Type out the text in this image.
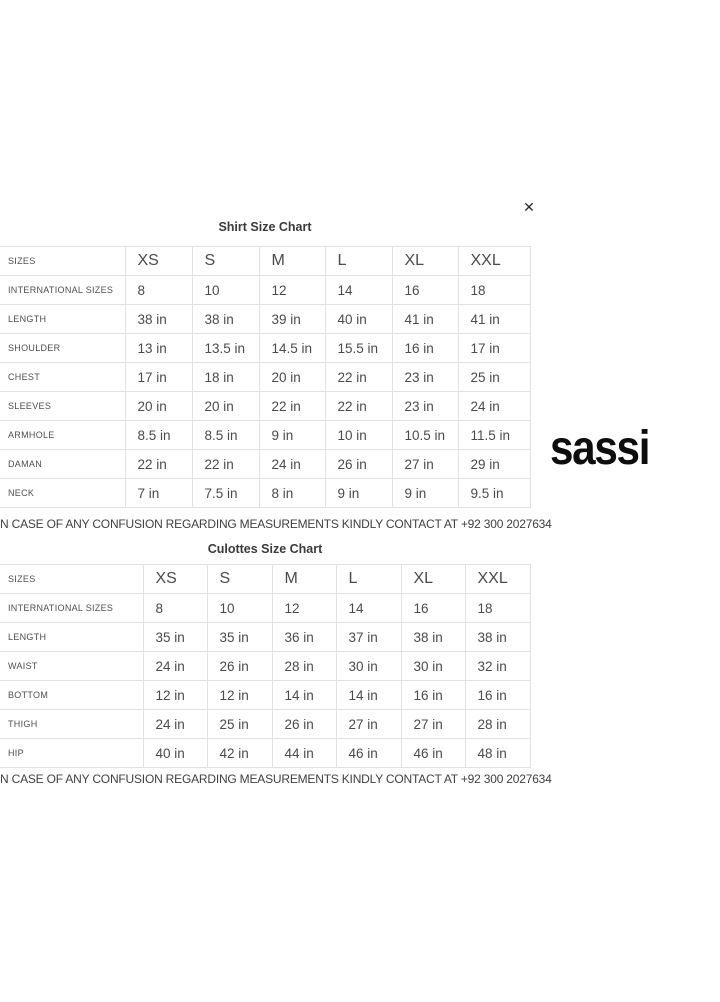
sassi
✕
Shirt Size Chart
SIZES	XS	S	M	L	XL	XXL
INTERNATIONAL SIZES	8	10	12	14	16	18
LENGTH	38 in	38 in	39 in	40 in	41 in	41 in
SHOULDER	13 in	13.5 in	14.5 in	15.5 in	16 in	17 in
CHEST	17 in	18 in	20 in	22 in	23 in	25 in
SLEEVES	20 in	20 in	22 in	22 in	23 in	24 in
ARMHOLE	8.5 in	8.5 in	9 in	10 in	10.5 in	11.5 in
DAMAN	22 in	22 in	24 in	26 in	27 in	29 in
NECK	7 in	7.5 in	8 in	9 in	9 in	9.5 in

N CASE OF ANY CONFUSION REGARDING MEASUREMENTS KINDLY CONTACT AT +92 300 2027634

Culottes Size Chart
SIZES	XS	S	M	L	XL	XXL
INTERNATIONAL SIZES	8	10	12	14	16	18
LENGTH	35 in	35 in	36 in	37 in	38 in	38 in
WAIST	24 in	26 in	28 in	30 in	30 in	32 in
BOTTOM	12 in	12 in	14 in	14 in	16 in	16 in
THIGH	24 in	25 in	26 in	27 in	27 in	28 in
HIP	40 in	42 in	44 in	46 in	46 in	48 in

N CASE OF ANY CONFUSION REGARDING MEASUREMENTS KINDLY CONTACT AT +92 300 2027634
